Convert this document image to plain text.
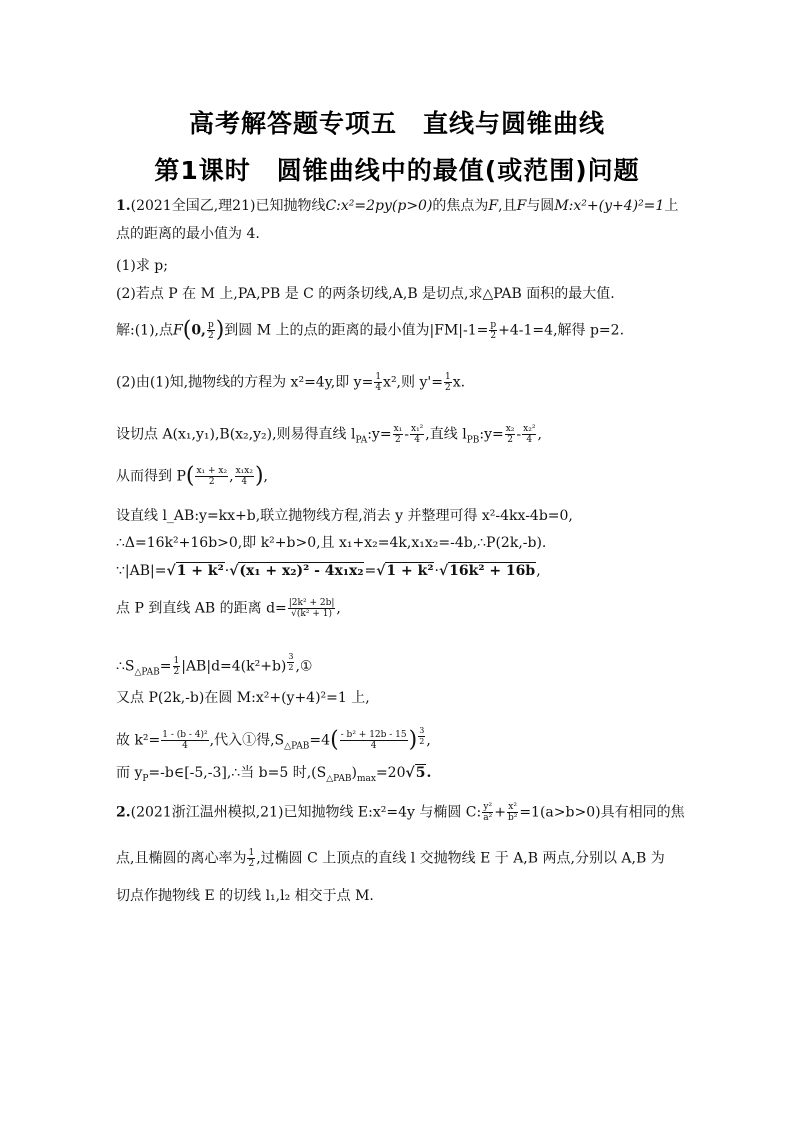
高考解答题专项五　直线与圆锥曲线
第1课时　圆锥曲线中的最值(或范围)问题
1.(2021全国乙,理21)已知抛物线C:x²=2py(p>0)的焦点为F,且F与圆M:x²+(y+4)²=1上
点的距离的最小值为 4.
(1)求 p;
(2)若点 P 在 M 上,PA,PB 是 C 的两条切线,A,B 是切点,求△PAB 面积的最大值.
解:(1),点F(0, $\frac{p}{2}$ )到圆 M 上的点的距离的最小值为$|FM|-1= \frac{p}{2} +4-1=4$,解得 p=2.
(2)由(1)知,抛物线的方程为 x²=4y,即 $y= \frac{1}{4} x^2$,则 $y'= \frac{1}{2} x$.
设切点 A(x₁,y₁),B(x₂,y₂),则易得直线 $l_{PA}:y= \frac{\text{x₁}}{2} - \frac{\text{x₁²}}{4}$ ,直线 $l_{PB}:y= \frac{\text{x₂}}{2} - \frac{\text{x₂²}}{4}$ ,
从而得到 $P( \frac{\text{x₁ + x₂}}{2}$ , $\frac{\text{x₁x₂}}{4}$ ),
设直线 l_AB:y=kx+b,联立抛物线方程,消去 y 并整理可得 x²-4kx-4b=0,
∴Δ=16k²+16b>0,即 k²+b>0,且 x₁+x₂=4k,x₁x₂=-4b,∴P(2k,-b).
∵|AB|=√1 + k²·√(x₁ + x₂)² - 4x₁x₂=√1 + k²·√16k² + 16b,
点 P 到直线 AB 的距离 $d= \frac{\text{|2k² + 2b|}}{\text{√(k² + 1)}}$ ,
$\therefore S_{\triangle PAB}= \frac{1}{2} |AB|d=4(k^2+b)$ $^{\frac{3}{2}}$ ,①
又点 P(2k,-b)在圆 M:x²+(y+4)²=1 上,
故 $k^2= \frac{\text{1 - (b - 4)²}}{4}$ ,代入①得$,S_{\triangle PAB}=4( \frac{\text{- b² + 12b - 15}}{4}$ ) $^{\frac{3}{2}}$ ,
而 $y_P=-b\in[-5,-3],\therefore$当 b=5 时$,(S_{\triangle PAB})_{max}=20√5$.
2.(2021浙江温州模拟,21)已知抛物线 E:x²=4y 与椭圆 C: $\frac{\text{y²}}{\text{a²}} + \frac{\text{x²}}{\text{b²}} =1(a>b>0)$具有相同的焦
点,且椭圆的离心率为 $\frac{1}{2}$ ,过椭圆 C 上顶点的直线 l 交抛物线 E 于 A,B 两点,分别以 A,B 为
切点作抛物线 E 的切线 l₁,l₂ 相交于点 M.
